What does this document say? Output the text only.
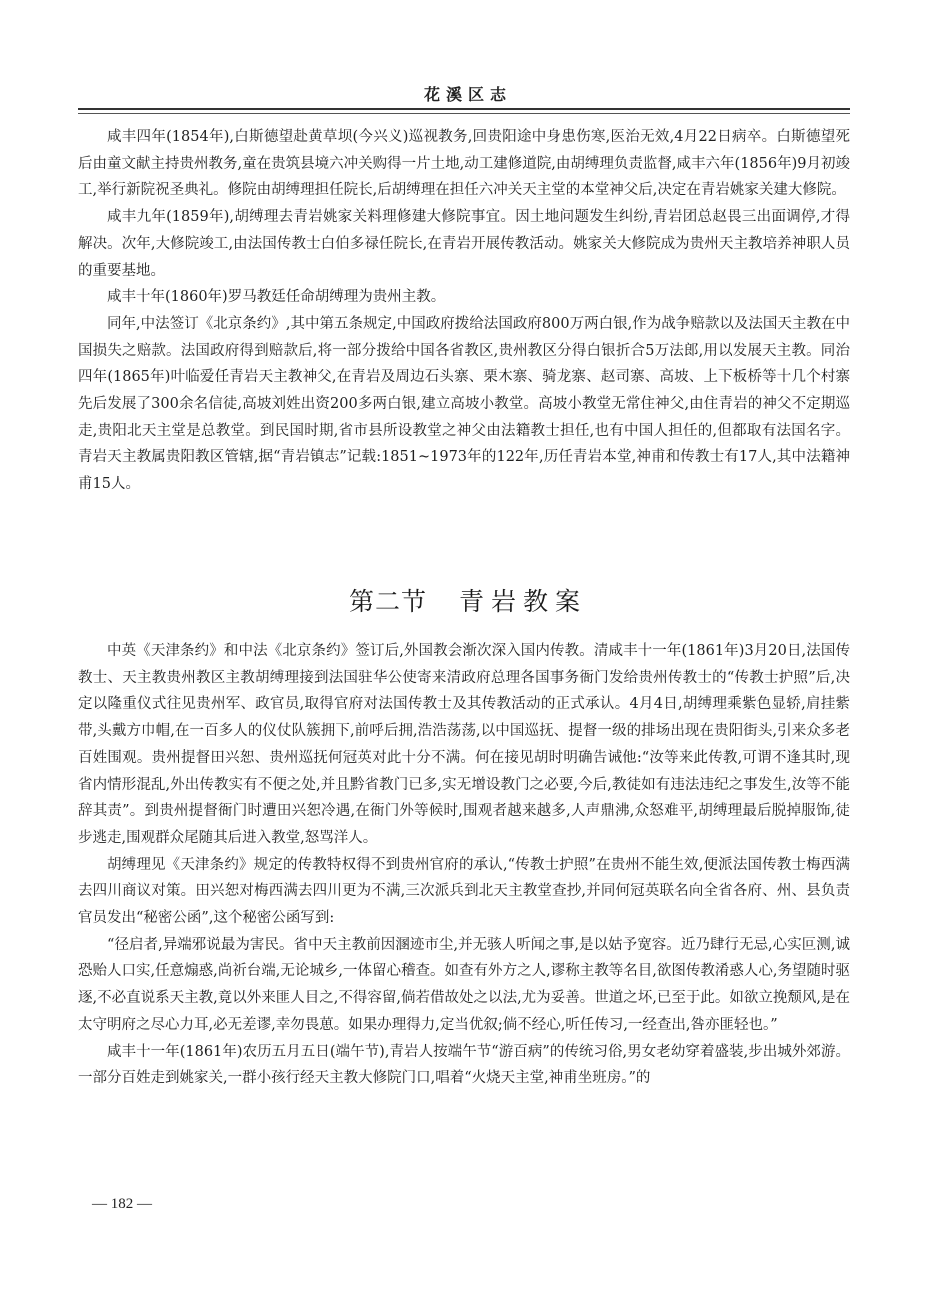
花溪区志

咸丰四年(1854年),白斯德望赴黄草坝(今兴义)巡视教务,回贵阳途中身患伤寒,医治无效,4月22日病卒。白斯德望死后由童文献主持贵州教务,童在贵筑县境六冲关购得一片土地,动工建修道院,由胡缚理负责监督,咸丰六年(1856年)9月初竣工,举行新院祝圣典礼。修院由胡缚理担任院长,后胡缚理在担任六冲关天主堂的本堂神父后,决定在青岩姚家关建大修院。

咸丰九年(1859年),胡缚理去青岩姚家关料理修建大修院事宜。因土地问题发生纠纷,青岩团总赵畏三出面调停,才得解决。次年,大修院竣工,由法国传教士白伯多禄任院长,在青岩开展传教活动。姚家关大修院成为贵州天主教培养神职人员的重要基地。

咸丰十年(1860年)罗马教廷任命胡缚理为贵州主教。

同年,中法签订《北京条约》,其中第五条规定,中国政府拨给法国政府800万两白银,作为战争赔款以及法国天主教在中国损失之赔款。法国政府得到赔款后,将一部分拨给中国各省教区,贵州教区分得白银折合5万法郎,用以发展天主教。同治四年(1865年)叶临爱任青岩天主教神父,在青岩及周边石头寨、栗木寨、骑龙寨、赵司寨、高坡、上下板桥等十几个村寨先后发展了300余名信徒,高坡刘姓出资200多两白银,建立高坡小教堂。高坡小教堂无常住神父,由住青岩的神父不定期巡走,贵阳北天主堂是总教堂。到民国时期,省市县所设教堂之神父由法籍教士担任,也有中国人担任的,但都取有法国名字。青岩天主教属贵阳教区管辖,据“青岩镇志”记载:1851~1973年的122年,历任青岩本堂,神甫和传教士有17人,其中法籍神甫15人。

第二节 青岩教案

中英《天津条约》和中法《北京条约》签订后,外国教会渐次深入国内传教。清咸丰十一年(1861年)3月20日,法国传教士、天主教贵州教区主教胡缚理接到法国驻华公使寄来清政府总理各国事务衙门发给贵州传教士的“传教士护照”后,决定以隆重仪式往见贵州军、政官员,取得官府对法国传教士及其传教活动的正式承认。4月4日,胡缚理乘紫色显轿,肩挂紫带,头戴方巾帽,在一百多人的仪仗队簇拥下,前呼后拥,浩浩荡荡,以中国巡抚、提督一级的排场出现在贵阳街头,引来众多老百姓围观。贵州提督田兴恕、贵州巡抚何冠英对此十分不满。何在接见胡时明确告诫他:“汝等来此传教,可谓不逢其时,现省内情形混乱,外出传教实有不便之处,并且黔省教门已多,实无增设教门之必要,今后,教徒如有违法违纪之事发生,汝等不能辞其责”。到贵州提督衙门时遭田兴恕冷遇,在衙门外等候时,围观者越来越多,人声鼎沸,众怒难平,胡缚理最后脱掉服饰,徒步逃走,围观群众尾随其后进入教堂,怒骂洋人。

胡缚理见《天津条约》规定的传教特权得不到贵州官府的承认,“传教士护照”在贵州不能生效,便派法国传教士梅西满去四川商议对策。田兴恕对梅西满去四川更为不满,三次派兵到北天主教堂查抄,并同何冠英联名向全省各府、州、县负责官员发出“秘密公函”,这个秘密公函写到:

“径启者,异端邪说最为害民。省中天主教前因溷迹市尘,并无骇人听闻之事,是以姑予宽容。近乃肆行无忌,心实叵测,诚恐贻人口实,任意煽惑,尚祈台端,无论城乡,一体留心稽查。如查有外方之人,谬称主教等名目,欲图传教淆惑人心,务望随时驱逐,不必直说系天主教,竟以外来匪人目之,不得容留,倘若借故处之以法,尤为妥善。世道之坏,已至于此。如欲立挽颓风,是在太守明府之尽心力耳,必无差谬,幸勿畏葸。如果办理得力,定当优叙;倘不经心,听任传习,一经查出,咎亦匪轻也。”

咸丰十一年(1861年)农历五月五日(端午节),青岩人按端午节“游百病”的传统习俗,男女老幼穿着盛装,步出城外郊游。一部分百姓走到姚家关,一群小孩行经天主教大修院门口,唱着“火烧天主堂,神甫坐班房。”的

— 182 —
